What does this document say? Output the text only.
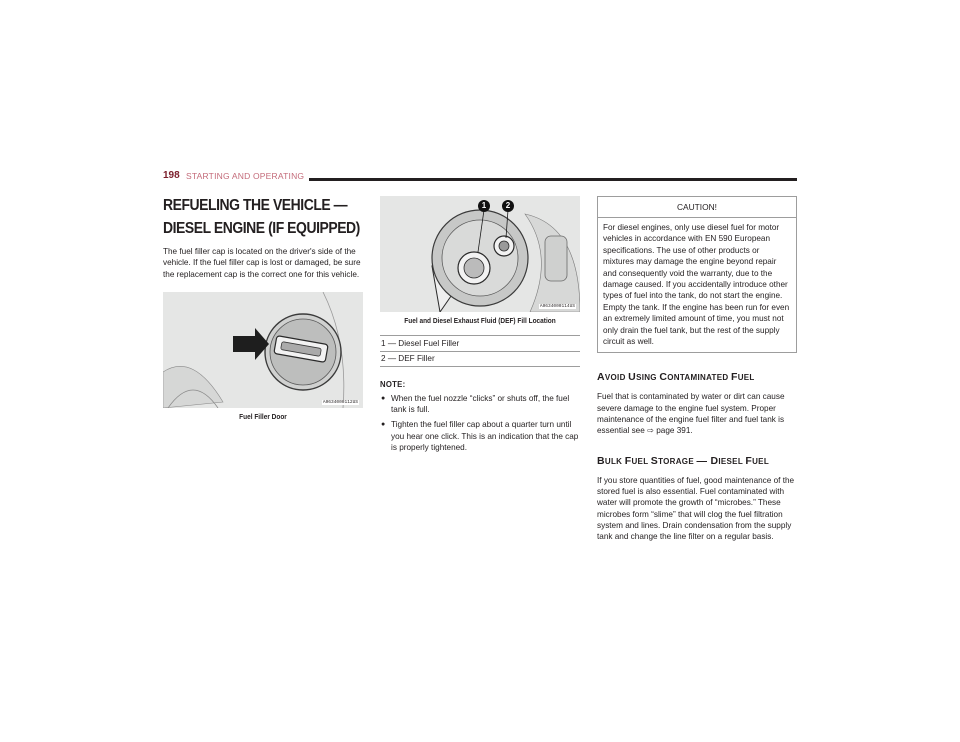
198 STARTING AND OPERATING
REFUELING THE VEHICLE — DIESEL ENGINE (IF EQUIPPED)

The fuel filler cap is located on the driver's side of the vehicle. If the fuel filler cap is lost or damaged, be sure the replacement cap is the correct one for this vehicle.

A0634000112US
Fuel Filler Door
1	2
A0634000114US
Fuel and Diesel Exhaust Fluid (DEF) Fill Location
1 — Diesel Fuel Filler
2 — DEF Filler
NOTE:
● When the fuel nozzle “clicks” or shuts off, the fuel tank is full.
● Tighten the fuel filler cap about a quarter turn until you hear one click. This is an indication that the cap is properly tightened.
CAUTION!
For diesel engines, only use diesel fuel for motor vehicles in accordance with EN 590 European specifications. The use of other products or mixtures may damage the engine beyond repair and consequently void the warranty, due to the damage caused. If you accidentally introduce other types of fuel into the tank, do not start the engine. Empty the tank. If the engine has been run for even an extremely limited amount of time, you must not only drain the fuel tank, but the rest of the supply circuit as well.
AVOID USING CONTAMINATED FUEL

Fuel that is contaminated by water or dirt can cause severe damage to the engine fuel system. Proper maintenance of the engine fuel filter and fuel tank is essential see ⇨ page 391.

BULK FUEL STORAGE — DIESEL FUEL

If you store quantities of fuel, good maintenance of the stored fuel is also essential. Fuel contaminated with water will promote the growth of “microbes.” These microbes form “slime” that will clog the fuel filtration system and lines. Drain condensation from the supply tank and change the line filter on a regular basis.
